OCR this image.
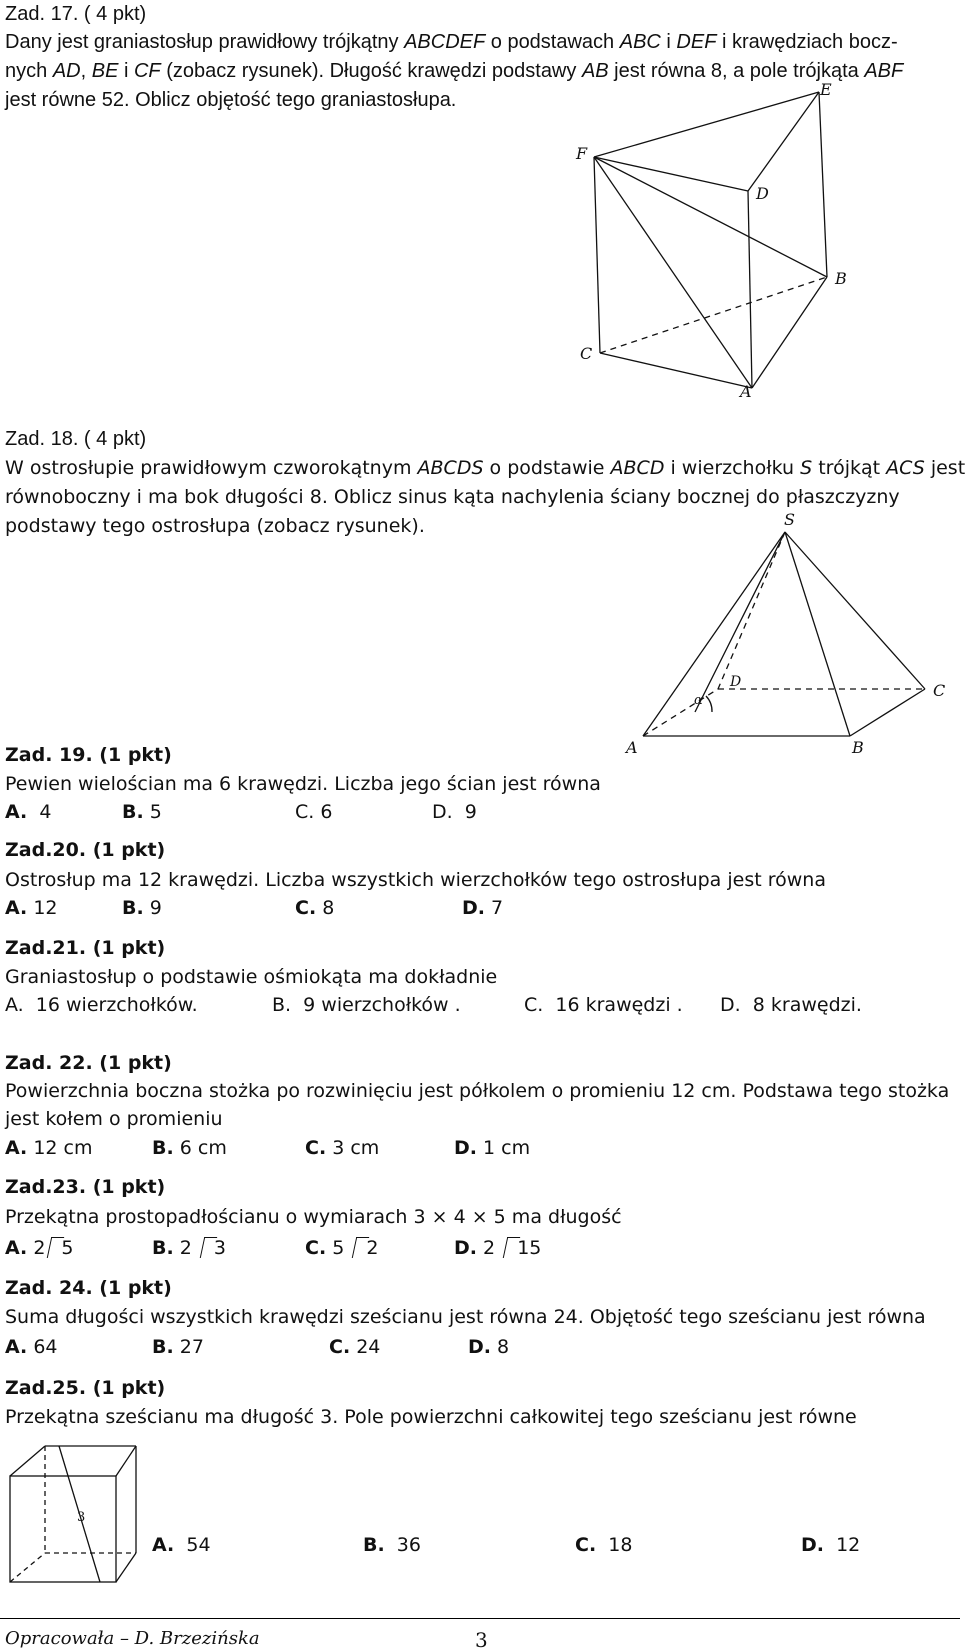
Zad. 17. ( 4 pkt)
Dany jest graniastosłup prawidłowy trójkątny ABCDEF o podstawach ABC i DEF i krawędziach bocz-
nych AD, BE i CF (zobacz rysunek). Długość krawędzi podstawy AB jest równa 8, a pole trójkąta ABF
jest równe 52. Oblicz objętość tego graniastosłupa.	E
F
D
B
C
A
Zad. 18. ( 4 pkt)
W ostrosłupie prawidłowym czworokątnym ABCDS o podstawie ABCD i wierzchołku S trójkąt ACS jest
równoboczny i ma bok długości 8. Oblicz sinus kąta nachylenia ściany bocznej do płaszczyzny
podstawy tego ostrosłupa (zobacz rysunek).	S
D	C
A	B
α
Zad. 19. (1 pkt)
Pewien wielościan ma 6 krawędzi. Liczba jego ścian jest równa
A. 4	B. 5	C. 6	D. 9
Zad.20. (1 pkt)
Ostrosłup ma 12 krawędzi. Liczba wszystkich wierzchołków tego ostrosłupa jest równa
A. 12	B. 9	C. 8	D. 7
Zad.21. (1 pkt)
Graniastosłup o podstawie ośmiokąta ma dokładnie
A. 16 wierzchołków.	B. 9 wierzchołków .	C. 16 krawędzi . D. 8 krawędzi.
Zad. 22. (1 pkt)
Powierzchnia boczna stożka po rozwinięciu jest półkolem o promieniu 12 cm. Podstawa tego stożka
jest kołem o promieniu
A. 12 cm	B. 6 cm	C. 3 cm	D. 1 cm
Zad.23. (1 pkt)
Przekątna prostopadłościanu o wymiarach 3 × 4 × 5 ma długość
A. 2 5	B. 2 3	C. 5 2	D. 2 15
Zad. 24. (1 pkt)
Suma długości wszystkich krawędzi sześcianu jest równa 24. Objętość tego sześcianu jest równa
A. 64	B. 27	C. 24	D. 8
Zad.25. (1 pkt)
Przekątna sześcianu ma długość 3. Pole powierzchni całkowitej tego sześcianu jest równe
3
A. 54	B. 36	C. 18	D. 12
Opracowała – D. Brzezińska	3
